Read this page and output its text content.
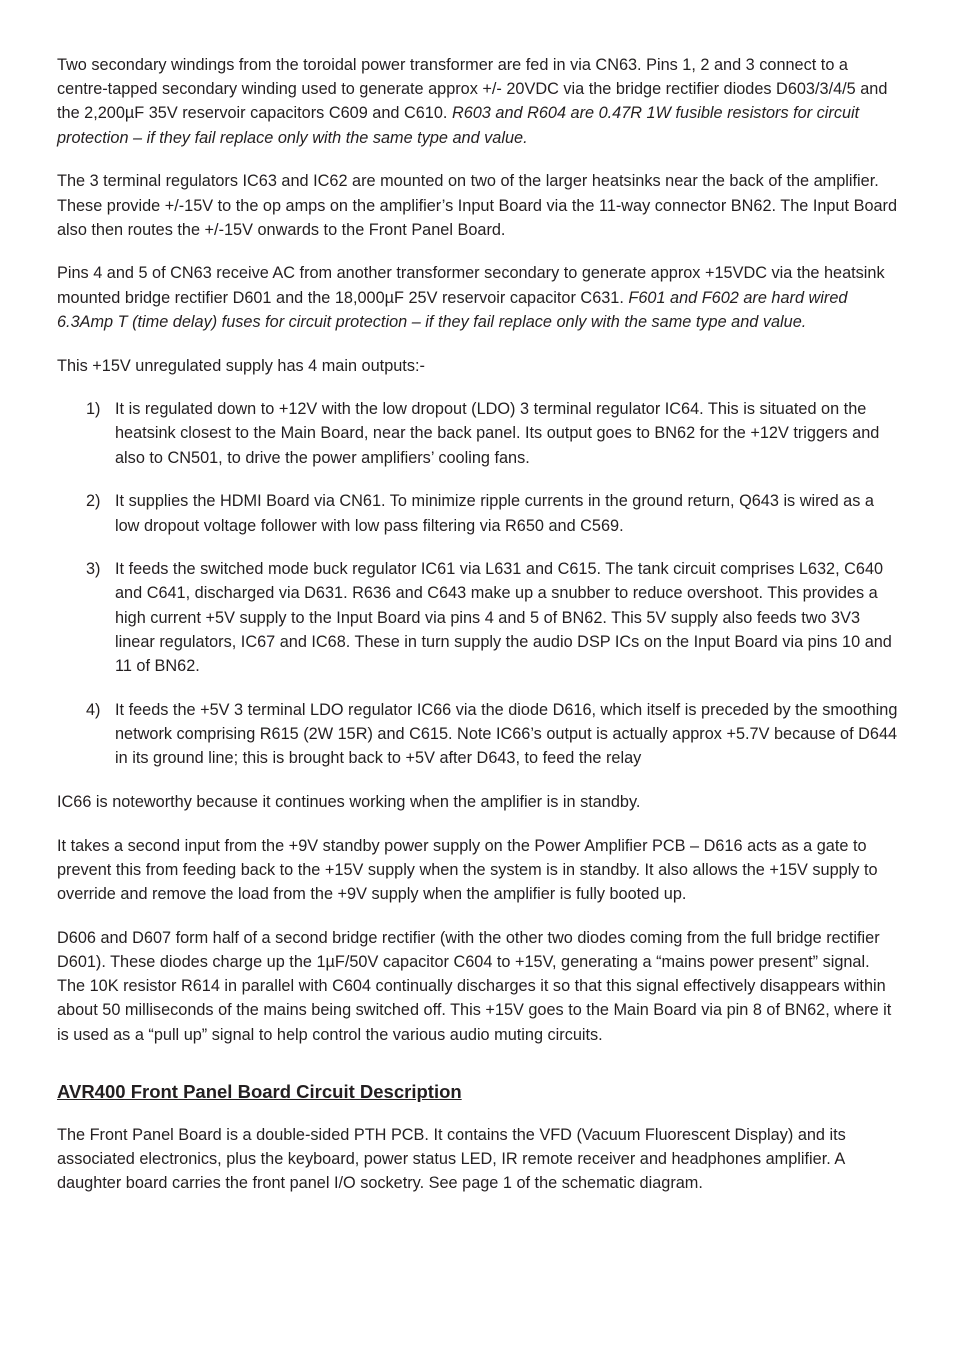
Two secondary windings from the toroidal power transformer are fed in via CN63. Pins 1, 2 and 3 connect to a centre-tapped secondary winding used to generate approx +/- 20VDC via the bridge rectifier diodes D603/3/4/5 and the 2,200µF 35V reservoir capacitors C609 and C610. R603 and R604 are 0.47R 1W fusible resistors for circuit protection – if they fail replace only with the same type and value.

The 3 terminal regulators IC63 and IC62 are mounted on two of the larger heatsinks near the back of the amplifier. These provide +/-15V to the op amps on the amplifier’s Input Board via the 11-way connector BN62. The Input Board also then routes the +/-15V onwards to the Front Panel Board.

Pins 4 and 5 of CN63 receive AC from another transformer secondary to generate approx +15VDC via the heatsink mounted bridge rectifier D601 and the 18,000µF 25V reservoir capacitor C631. F601 and F602 are hard wired 6.3Amp T (time delay) fuses for circuit protection – if they fail replace only with the same type and value.

This +15V unregulated supply has 4 main outputs:-

1) It is regulated down to +12V with the low dropout (LDO) 3 terminal regulator IC64. This is situated on the heatsink closest to the Main Board, near the back panel. Its output goes to BN62 for the +12V triggers and also to CN501, to drive the power amplifiers’ cooling fans.
2) It supplies the HDMI Board via CN61. To minimize ripple currents in the ground return, Q643 is wired as a low dropout voltage follower with low pass filtering via R650 and C569.
3) It feeds the switched mode buck regulator IC61 via L631 and C615. The tank circuit comprises L632, C640 and C641, discharged via D631. R636 and C643 make up a snubber to reduce overshoot. This provides a high current +5V supply to the Input Board via pins 4 and 5 of BN62. This 5V supply also feeds two 3V3 linear regulators, IC67 and IC68. These in turn supply the audio DSP ICs on the Input Board via pins 10 and 11 of BN62.
4) It feeds the +5V 3 terminal LDO regulator IC66 via the diode D616, which itself is preceded by the smoothing network comprising R615 (2W 15R) and C615. Note IC66’s output is actually approx +5.7V because of D644 in its ground line; this is brought back to +5V after D643, to feed the relay

IC66 is noteworthy because it continues working when the amplifier is in standby.

It takes a second input from the +9V standby power supply on the Power Amplifier PCB – D616 acts as a gate to prevent this from feeding back to the +15V supply when the system is in standby. It also allows the +15V supply to override and remove the load from the +9V supply when the amplifier is fully booted up.

D606 and D607 form half of a second bridge rectifier (with the other two diodes coming from the full bridge rectifier D601). These diodes charge up the 1µF/50V capacitor C604 to +15V, generating a “mains power present” signal. The 10K resistor R614 in parallel with C604 continually discharges it so that this signal effectively disappears within about 50 milliseconds of the mains being switched off. This +15V goes to the Main Board via pin 8 of BN62, where it is used as a “pull up” signal to help control the various audio muting circuits.

AVR400 Front Panel Board Circuit Description

The Front Panel Board is a double-sided PTH PCB. It contains the VFD (Vacuum Fluorescent Display) and its associated electronics, plus the keyboard, power status LED, IR remote receiver and headphones amplifier. A daughter board carries the front panel I/O socketry. See page 1 of the schematic diagram.
